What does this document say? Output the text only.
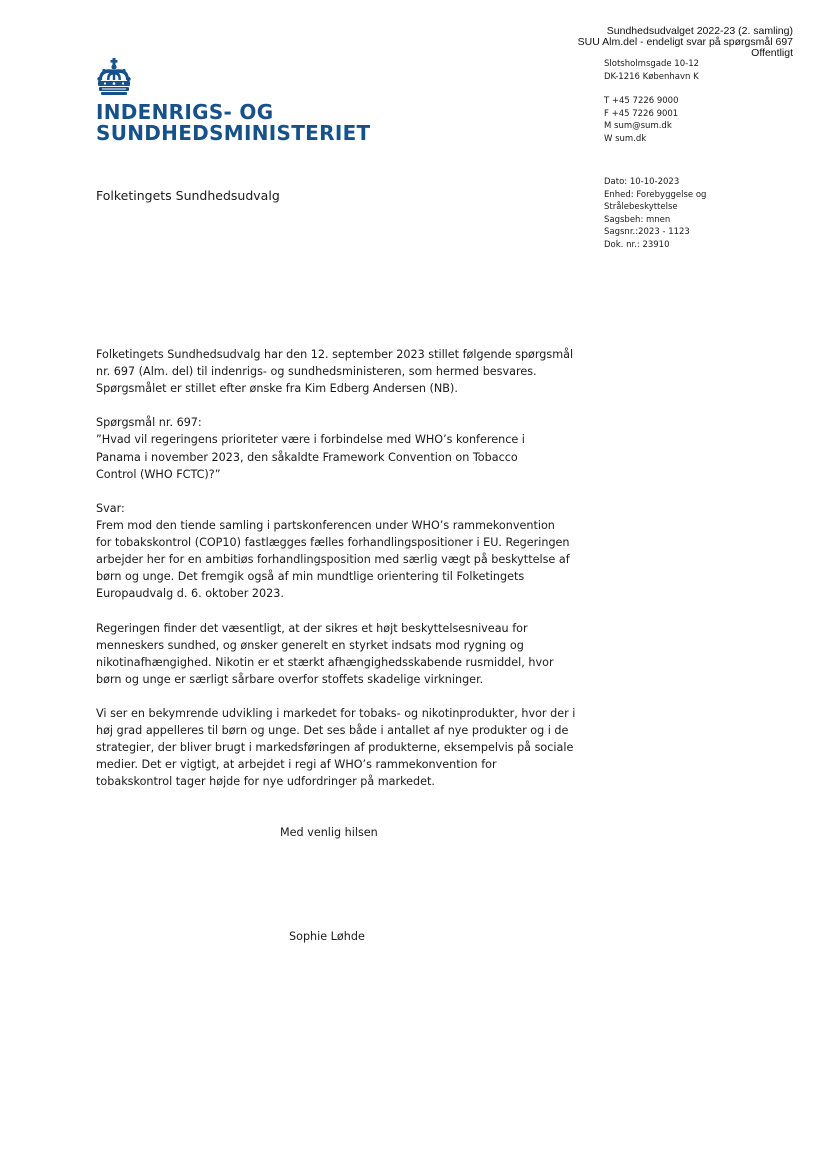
Sundhedsudvalget 2022-23 (2. samling)
SUU Alm.del - endeligt svar på spørgsmål 697
Offentligt
INDENRIGS- OG
SUNDHEDSMINISTERIET
Slotsholmsgade 10-12
DK-1216 København K
T +45 7226 9000
F +45 7226 9001
M sum@sum.dk
W sum.dk
Dato: 10-10-2023
Enhed: Forebyggelse og
Strålebeskyttelse
Sagsbeh: mnen
Sagsnr.:2023 - 1123
Dok. nr.: 23910
Folketingets Sundhedsudvalg

Folketingets Sundhedsudvalg har den 12. september 2023 stillet følgende spørgsmål
nr. 697 (Alm. del) til indenrigs- og sundhedsministeren, som hermed besvares.
Spørgsmålet er stillet efter ønske fra Kim Edberg Andersen (NB).

Spørgsmål nr. 697:
”Hvad vil regeringens prioriteter være i forbindelse med WHO’s konference i
Panama i november 2023, den såkaldte Framework Convention on Tobacco
Control (WHO FCTC)?”

Svar:
Frem mod den tiende samling i partskonferencen under WHO’s rammekonvention
for tobakskontrol (COP10) fastlægges fælles forhandlingspositioner i EU. Regeringen
arbejder her for en ambitiøs forhandlingsposition med særlig vægt på beskyttelse af
børn og unge. Det fremgik også af min mundtlige orientering til Folketingets
Europaudvalg d. 6. oktober 2023.

Regeringen finder det væsentligt, at der sikres et højt beskyttelsesniveau for
menneskers sundhed, og ønsker generelt en styrket indsats mod rygning og
nikotinafhængighed. Nikotin er et stærkt afhængighedsskabende rusmiddel, hvor
børn og unge er særligt sårbare overfor stoffets skadelige virkninger.

Vi ser en bekymrende udvikling i markedet for tobaks- og nikotinprodukter, hvor der i
høj grad appelleres til børn og unge. Det ses både i antallet af nye produkter og i de
strategier, der bliver brugt i markedsføringen af produkterne, eksempelvis på sociale
medier. Det er vigtigt, at arbejdet i regi af WHO’s rammekonvention for
tobakskontrol tager højde for nye udfordringer på markedet.

Med venlig hilsen
Sophie Løhde
